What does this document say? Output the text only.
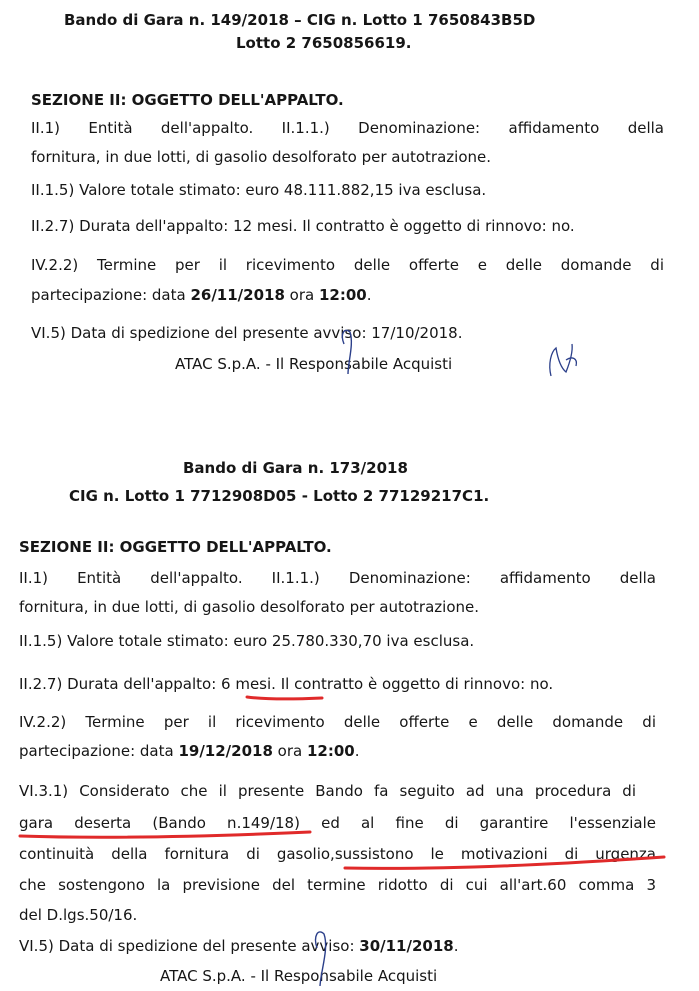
Bando di Gara n. 149/2018 – CIG n. Lotto 1 7650843B5D
Lotto 2 7650856619.
SEZIONE II: OGGETTO DELL'APPALTO.
II.1) Entità dell'appalto. II.1.1.) Denominazione: affidamento della
fornitura, in due lotti, di gasolio desolforato per autotrazione.
II.1.5) Valore totale stimato: euro 48.111.882,15 iva esclusa.
II.2.7) Durata dell'appalto: 12 mesi. Il contratto è oggetto di rinnovo: no.
IV.2.2) Termine per il ricevimento delle offerte e delle domande di
partecipazione: data 26/11/2018 ora 12:00.
VI.5) Data di spedizione del presente avviso: 17/10/2018.
ATAC S.p.A. - Il Responsabile Acquisti
Bando di Gara n. 173/2018
CIG n. Lotto 1 7712908D05 - Lotto 2 77129217C1.
SEZIONE II: OGGETTO DELL'APPALTO.
II.1) Entità dell'appalto. II.1.1.) Denominazione: affidamento della
fornitura, in due lotti, di gasolio desolforato per autotrazione.
II.1.5) Valore totale stimato: euro 25.780.330,70 iva esclusa.
II.2.7) Durata dell'appalto: 6 mesi. Il contratto è oggetto di rinnovo: no.
IV.2.2) Termine per il ricevimento delle offerte e delle domande di
partecipazione: data 19/12/2018 ora 12:00.
VI.3.1) Considerato che il presente Bando fa seguito ad una procedura di
gara deserta (Bando n.149/18) ed al fine di garantire l'essenziale
continuità della fornitura di gasolio,sussistono le motivazioni di urgenza
che sostengono la previsione del termine ridotto di cui all'art.60 comma 3
del D.lgs.50/16.
VI.5) Data di spedizione del presente avviso: 30/11/2018.
ATAC S.p.A. - Il Responsabile Acquisti
